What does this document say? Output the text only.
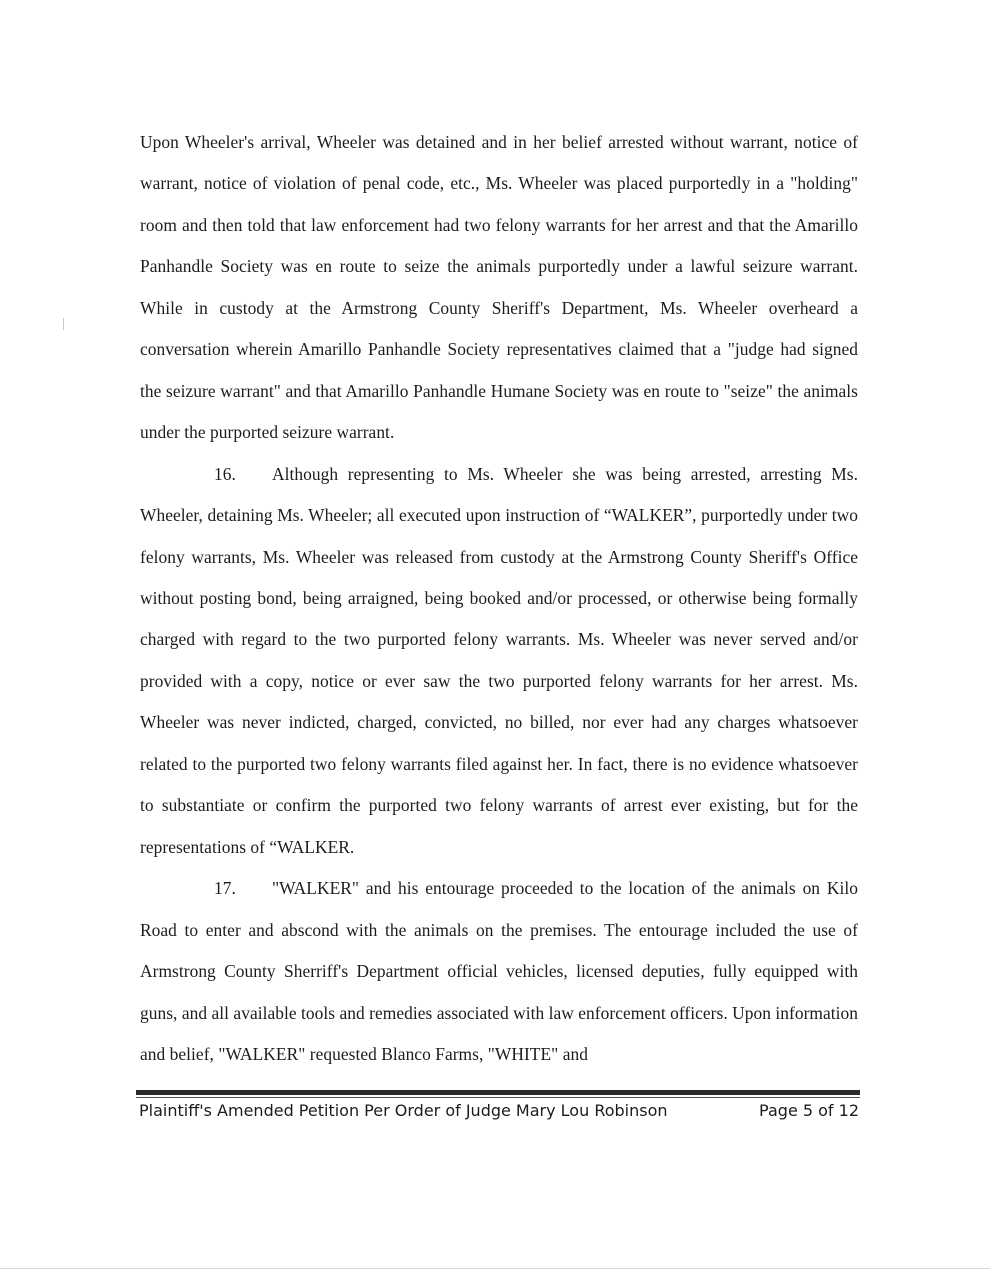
Upon Wheeler's arrival, Wheeler was detained and in her belief arrested without warrant, notice of warrant, notice of violation of penal code, etc., Ms. Wheeler was placed purportedly in a "holding" room and then told that law enforcement had two felony warrants for her arrest and that the Amarillo Panhandle Society was en route to seize the animals purportedly under a lawful seizure warrant. While in custody at the Armstrong County Sheriff's Department, Ms. Wheeler overheard a conversation wherein Amarillo Panhandle Society representatives claimed that a "judge had signed the seizure warrant" and that Amarillo Panhandle Humane Society was en route to "seize" the animals under the purported seizure warrant.

16. Although representing to Ms. Wheeler she was being arrested, arresting Ms. Wheeler, detaining Ms. Wheeler; all executed upon instruction of “WALKER”, purportedly under two felony warrants, Ms. Wheeler was released from custody at the Armstrong County Sheriff's Office without posting bond, being arraigned, being booked and/or processed, or otherwise being formally charged with regard to the two purported felony warrants. Ms. Wheeler was never served and/or provided with a copy, notice or ever saw the two purported felony warrants for her arrest. Ms. Wheeler was never indicted, charged, convicted, no billed, nor ever had any charges whatsoever related to the purported two felony warrants filed against her. In fact, there is no evidence whatsoever to substantiate or confirm the purported two felony warrants of arrest ever existing, but for the representations of “WALKER.

17. "WALKER" and his entourage proceeded to the location of the animals on Kilo Road to enter and abscond with the animals on the premises. The entourage included the use of Armstrong County Sherriff's Department official vehicles, licensed deputies, fully equipped with guns, and all available tools and remedies associated with law enforcement officers. Upon information and belief, "WALKER" requested Blanco Farms, "WHITE" and

Plaintiff's Amended Petition Per Order of Judge Mary Lou Robinson	Page 5 of 12
